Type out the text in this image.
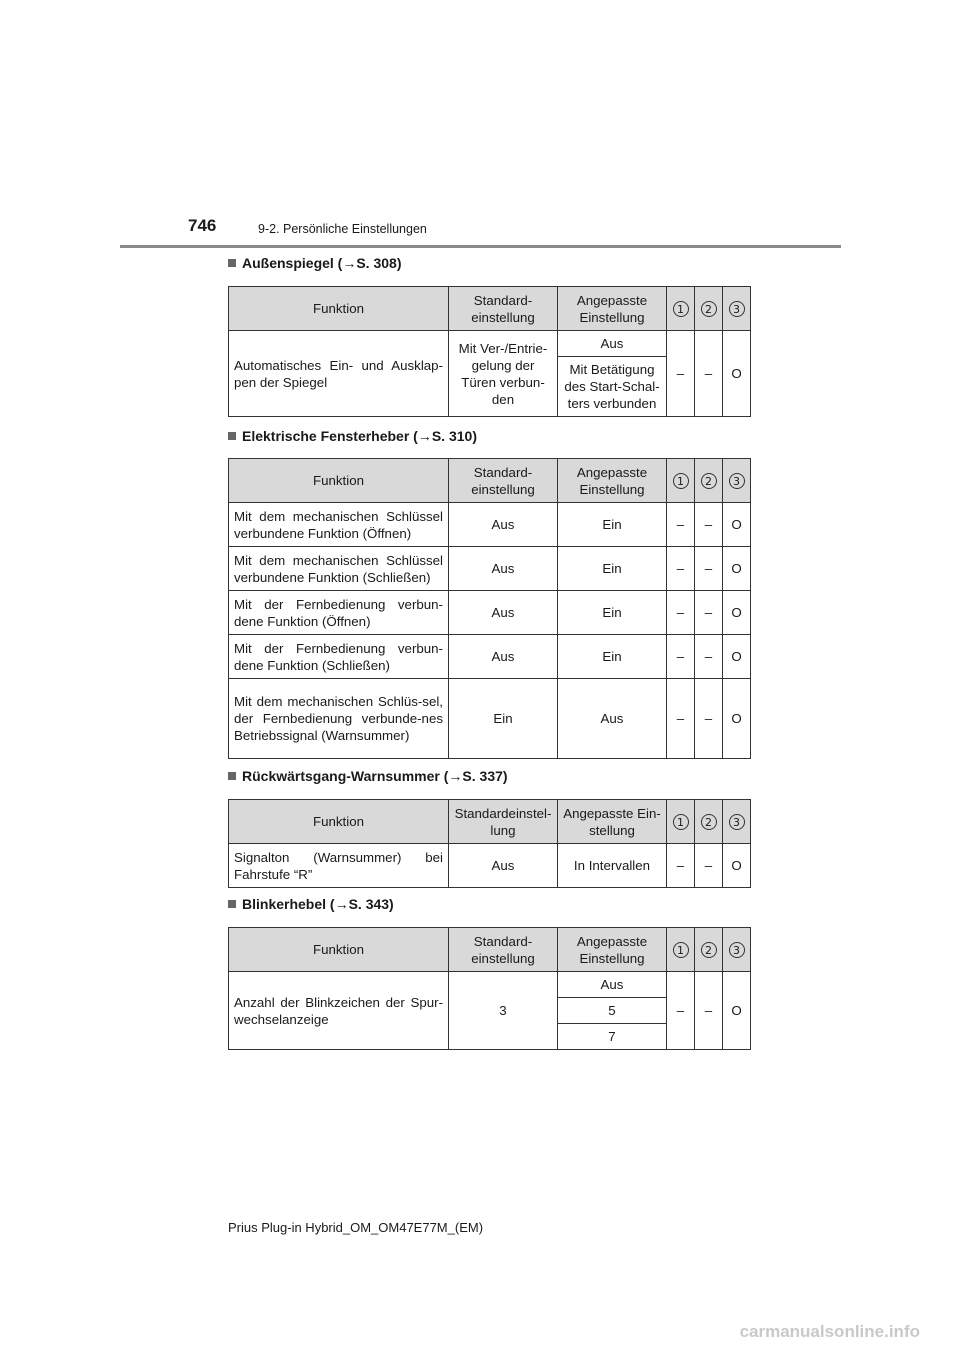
746	9-2. Persönliche Einstellungen
Außenspiegel (→S. 308)
Funktion	Standard-einstellung	Angepasste Einstellung	1	2	3
Automatisches Ein- und Ausklap-pen der Spiegel	Mit Ver-/Entrie-gelung der Türen verbun-den	Aus	–	–	O
		Mit Betätigung des Start-Schal-ters verbunden			
Elektrische Fensterheber (→S. 310)
Funktion	Standard-einstellung	Angepasste Einstellung	1	2	3
Mit dem mechanischen Schlüssel verbundene Funktion (Öffnen)	Aus	Ein	–	–	O
Mit dem mechanischen Schlüssel verbundene Funktion (Schließen)	Aus	Ein	–	–	O
Mit der Fernbedienung verbun-dene Funktion (Öffnen)	Aus	Ein	–	–	O
Mit der Fernbedienung verbun-dene Funktion (Schließen)	Aus	Ein	–	–	O
Mit dem mechanischen Schlüs-sel, der Fernbedienung verbunde-nes Betriebssignal (Warnsummer)	Ein	Aus	–	–	O
Rückwärtsgang-Warnsummer (→S. 337)
Funktion	Standardeinstel-lung	Angepasste Ein-stellung	1	2	3
Signalton (Warnsummer) bei Fahrstufe “R”	Aus	In Intervallen	–	–	O
Blinkerhebel (→S. 343)
Funktion	Standard-einstellung	Angepasste Einstellung	1	2	3
Anzahl der Blinkzeichen der Spur-wechselanzeige	3	Aus	–	–	O
		5			
		7			
Prius Plug-in Hybrid_OM_OM47E77M_(EM)
carmanualsonline.info
